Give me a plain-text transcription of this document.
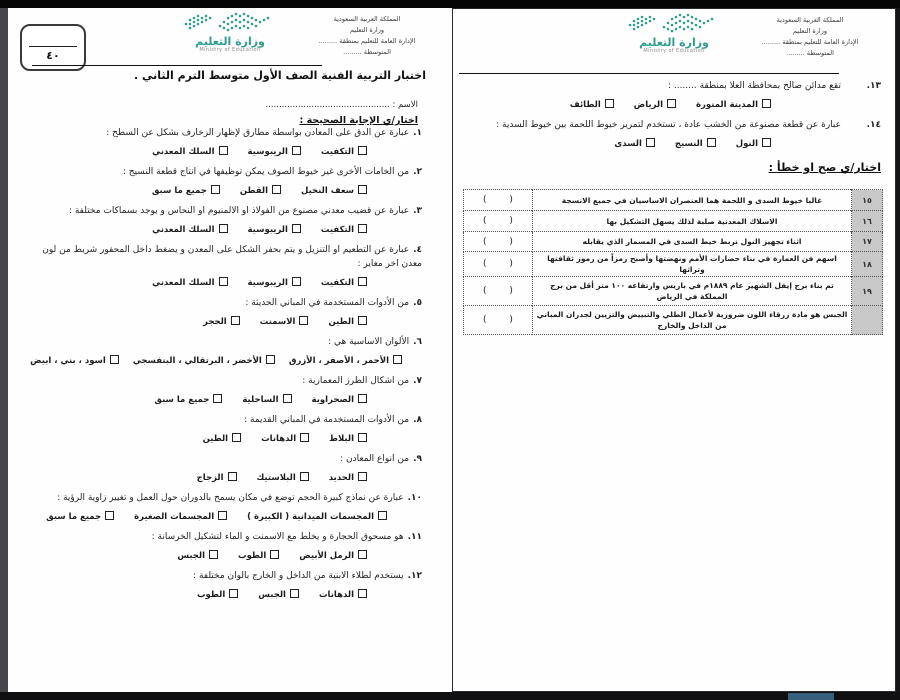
المملكة العربية السعودية
وزارة التعليم
الإدارة العامة للتعليم بمنطقة .........
المتوسطة .........
وزارة التعليم
Ministry of Education
٤٠
اختبار التربية الفنية الصف الأول متوسط الترم الثاني .
الاسم : ..............................................
اختار/ي الإجابة الصحيحة :
١.عبارة عن الدق على المعادن بواسطة مطارق لإظهار الزخارف بشكل عن السطح :
التكفيت
الريبوسية
السلك المعدني
٢.من الخامات الأخرى غير خيوط الصوف يمكن توظيفها في انتاج قطعة النسيج :
سعف النخيل
القطن
جميع ما سبق
٣.عبارة عن قضيب معدني مصنوع من الفولاذ او الالمنيوم او النحاس و يوجد بسماكات مختلفة :
التكفيت
الريبوسية
السلك المعدني
٤.عبارة عن التطعيم او التنزيل و يتم بحفر الشكل على المعدن و يضغط داخل المحفور شريط من لون معدن اخر مغاير :
التكفيت
الريبوسية
السلك المعدني
٥.من الأدوات المستخدمة في المباني الحديثة :
الطين
الاسمنت
الحجر
٦.الألوان الاساسية هي :
الأحمر ، الأصفر ، الأزرق
الأخضر ، البرتقالي ، البنفسجي
اسود ، بني ، ابيض
٧.من اشكال الطرز المعمارية :
الصحراوية
الساحلية
جميع ما سبق
٨.من الأدوات المستخدمة في المباني القديمة :
البلاط
الدهانات
الطين
٩.من انواع المعادن :
الحديد
البلاستيك
الزجاج
١٠.عبارة عن نماذج كبيرة الحجم توضع في مكان يسمح بالدوران حول العمل و تغيير زاوية الرؤية :
المجسمات الميدانية ( الكبيرة )
المجسمات الصغيرة
جميع ما سبق
١١.هو مسحوق الحجارة و يخلط مع الاسمنت و الماء لتشكيل الخرسانة :
الرمل الأبيض
الطوب
الجبس
١٢.يستخدم لطلاء الابنية من الداخل و الخارج بالوان مختلفة :
الدهانات
الجبس
الطوب
المملكة العربية السعودية
وزارة التعليم
الإدارة العامة للتعليم بمنطقة .........
المتوسطة .........
وزارة التعليم
Ministry of Education
١٣.
تقع مدائن صالح بمحافظة العلا بمنطقة ........ :
المدينة المنورة
الرياض
الطائف
١٤.
عبارة عن قطعة مصنوعة من الخشب عادة ، تستخدم لتمرير خيوط اللحمة بين خيوط السدية :
النول
النسيج
السدى
اختار/ي صح او خطأ :
١٥	غالبا خيوط السدى و اللحمة هما العنصران الاساسيان في جميع الانسجة	(        )
١٦	الاسلاك المعدنية صلبة لذلك يسهل التشكيل بها	(        )
١٧	اثناء تجهيز النول نربط خيط السدى في المسمار الذي يقابله	(        )
١٨	اسهم فن العمارة في بناء حضارات الأمم ونهضتها وأصبح رمزاً من رموز ثقافتها وتراثها	(        )
١٩	تم بناء برج إيفل الشهير عام ١٨٨٩م في باريس وارتفاعه ١٠٠ متر أقل من برج المملكة في الرياض	(        )
	الجبس هو مادة زرقاء اللون ضرورية لأعمال الطلي والتبييض والتزيين لجدران المباني من الداخل والخارج	(        )
